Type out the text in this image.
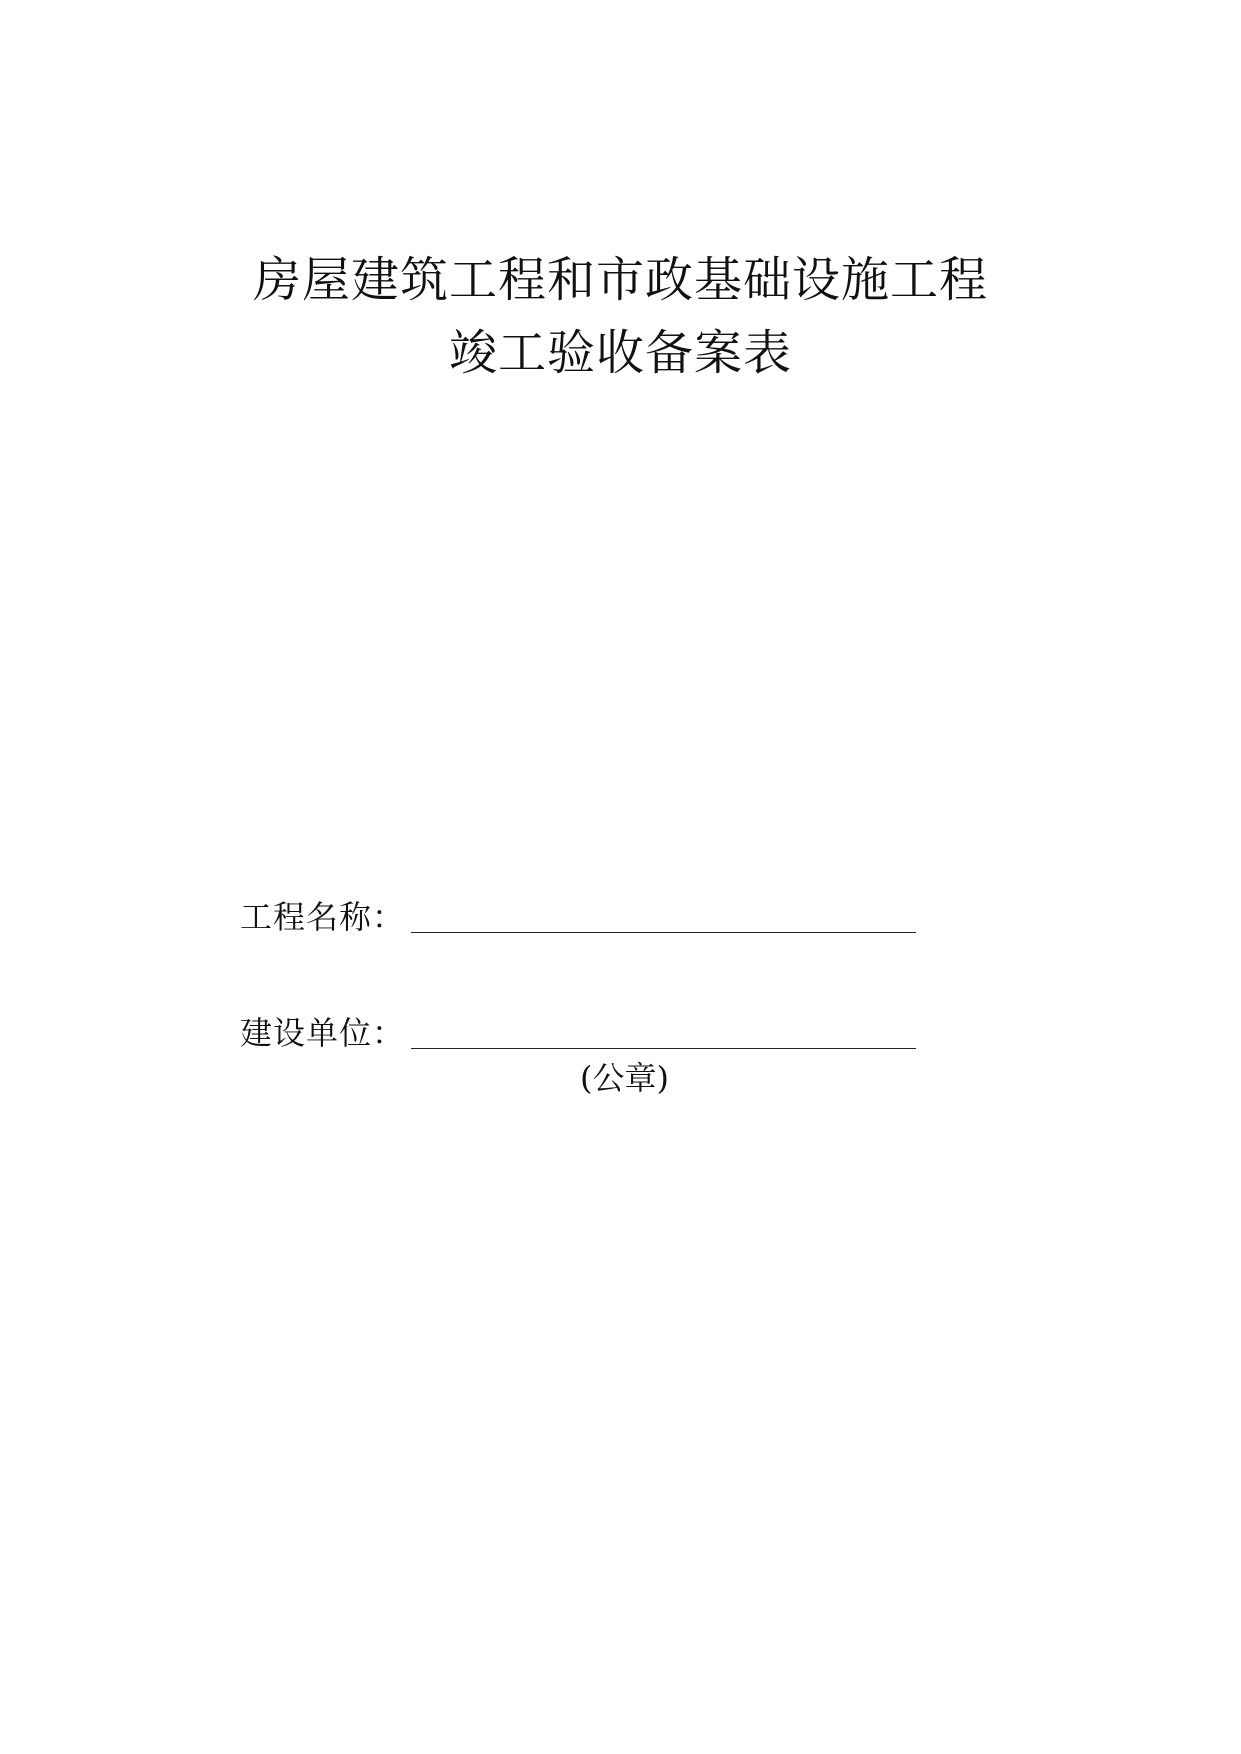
房屋建筑工程和市政基础设施工程
竣工验收备案表
工程名称：
建设单位：
(公章)
